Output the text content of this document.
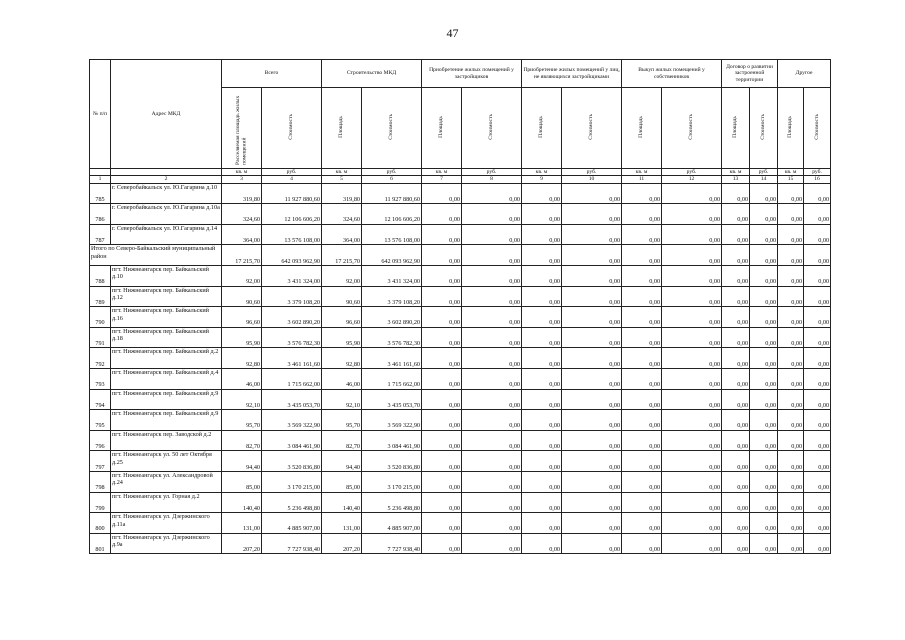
47
№ п/п	Адрес МКД	Всего		Строительство МКД		Приобретение жилых помещений у застройщиков		Приобретение жилых помещений у лиц, не являющихся застройщиками		Выкуп жилых помещений у собственников		Договор о развитии застроенной территории		Другое	
		Расселяемая площадь жилых помещений	Стоимость	Площадь	Стоимость	Площадь	Стоимость	Площадь	Стоимость	Площадь	Стоимость	Площадь	Стоимость	Площадь	Стоимость
		кв. м	руб.	кв. м	руб.	кв. м	руб.	кв. м	руб.	кв. м	руб.	кв. м	руб.	кв. м	руб.
1	2	3	4	5	6	7	8	9	10	11	12	13	14	15	16
785	г. Северобайкальск ул. Ю.Гагарина д.10	319,80	11 927 880,60	319,80	11 927 880,60	0,00	0,00	0,00	0,00	0,00	0,00	0,00	0,00	0,00	0,00
786	г. Северобайкальск ул. Ю.Гагарина д.10а	324,60	12 106 606,20	324,60	12 106 606,20	0,00	0,00	0,00	0,00	0,00	0,00	0,00	0,00	0,00	0,00
787	г. Северобайкальск ул. Ю.Гагарина д.14	364,00	13 576 108,00	364,00	13 576 108,00	0,00	0,00	0,00	0,00	0,00	0,00	0,00	0,00	0,00	0,00
Итого по Северо-Байкальский муниципальный район		17 215,70	642 093 962,90	17 215,70	642 093 962,90	0,00	0,00	0,00	0,00	0,00	0,00	0,00	0,00	0,00	0,00
788	пгт. Нижнеангарск пер. Байкальский д.10	92,00	3 431 324,00	92,00	3 431 324,00	0,00	0,00	0,00	0,00	0,00	0,00	0,00	0,00	0,00	0,00
789	пгт. Нижнеангарск пер. Байкальский д.12	90,60	3 379 108,20	90,60	3 379 108,20	0,00	0,00	0,00	0,00	0,00	0,00	0,00	0,00	0,00	0,00
790	пгт. Нижнеангарск пер. Байкальский д.16	96,60	3 602 890,20	96,60	3 602 890,20	0,00	0,00	0,00	0,00	0,00	0,00	0,00	0,00	0,00	0,00
791	пгт. Нижнеангарск пер. Байкальский д.18	95,90	3 576 782,30	95,90	3 576 782,30	0,00	0,00	0,00	0,00	0,00	0,00	0,00	0,00	0,00	0,00
792	пгт. Нижнеангарск пер. Байкальский д.2	92,80	3 461 161,60	92,80	3 461 161,60	0,00	0,00	0,00	0,00	0,00	0,00	0,00	0,00	0,00	0,00
793	пгт. Нижнеангарск пер. Байкальский д.4	46,00	1 715 662,00	46,00	1 715 662,00	0,00	0,00	0,00	0,00	0,00	0,00	0,00	0,00	0,00	0,00
794	пгт. Нижнеангарск пер. Байкальский д.9	92,10	3 435 053,70	92,10	3 435 053,70	0,00	0,00	0,00	0,00	0,00	0,00	0,00	0,00	0,00	0,00
795	пгт. Нижнеангарск пер. Байкальский д.9	95,70	3 569 322,90	95,70	3 569 322,90	0,00	0,00	0,00	0,00	0,00	0,00	0,00	0,00	0,00	0,00
796	пгт. Нижнеангарск пер. Заводской д.2	82,70	3 084 461,90	82,70	3 084 461,90	0,00	0,00	0,00	0,00	0,00	0,00	0,00	0,00	0,00	0,00
797	пгт. Нижнеангарск ул. 50 лет Октября д.25	94,40	3 520 836,80	94,40	3 520 836,80	0,00	0,00	0,00	0,00	0,00	0,00	0,00	0,00	0,00	0,00
798	пгт. Нижнеангарск ул. Александровой д.24	85,00	3 170 215,00	85,00	3 170 215,00	0,00	0,00	0,00	0,00	0,00	0,00	0,00	0,00	0,00	0,00
799	пгт. Нижнеангарск ул. Горная д.2	140,40	5 236 498,80	140,40	5 236 498,80	0,00	0,00	0,00	0,00	0,00	0,00	0,00	0,00	0,00	0,00
800	пгт. Нижнеангарск ул. Дзержинского д.11а	131,00	4 885 907,00	131,00	4 885 907,00	0,00	0,00	0,00	0,00	0,00	0,00	0,00	0,00	0,00	0,00
801	пгт. Нижнеангарск ул. Дзержинского д.9а	207,20	7 727 938,40	207,20	7 727 938,40	0,00	0,00	0,00	0,00	0,00	0,00	0,00	0,00	0,00	0,00
